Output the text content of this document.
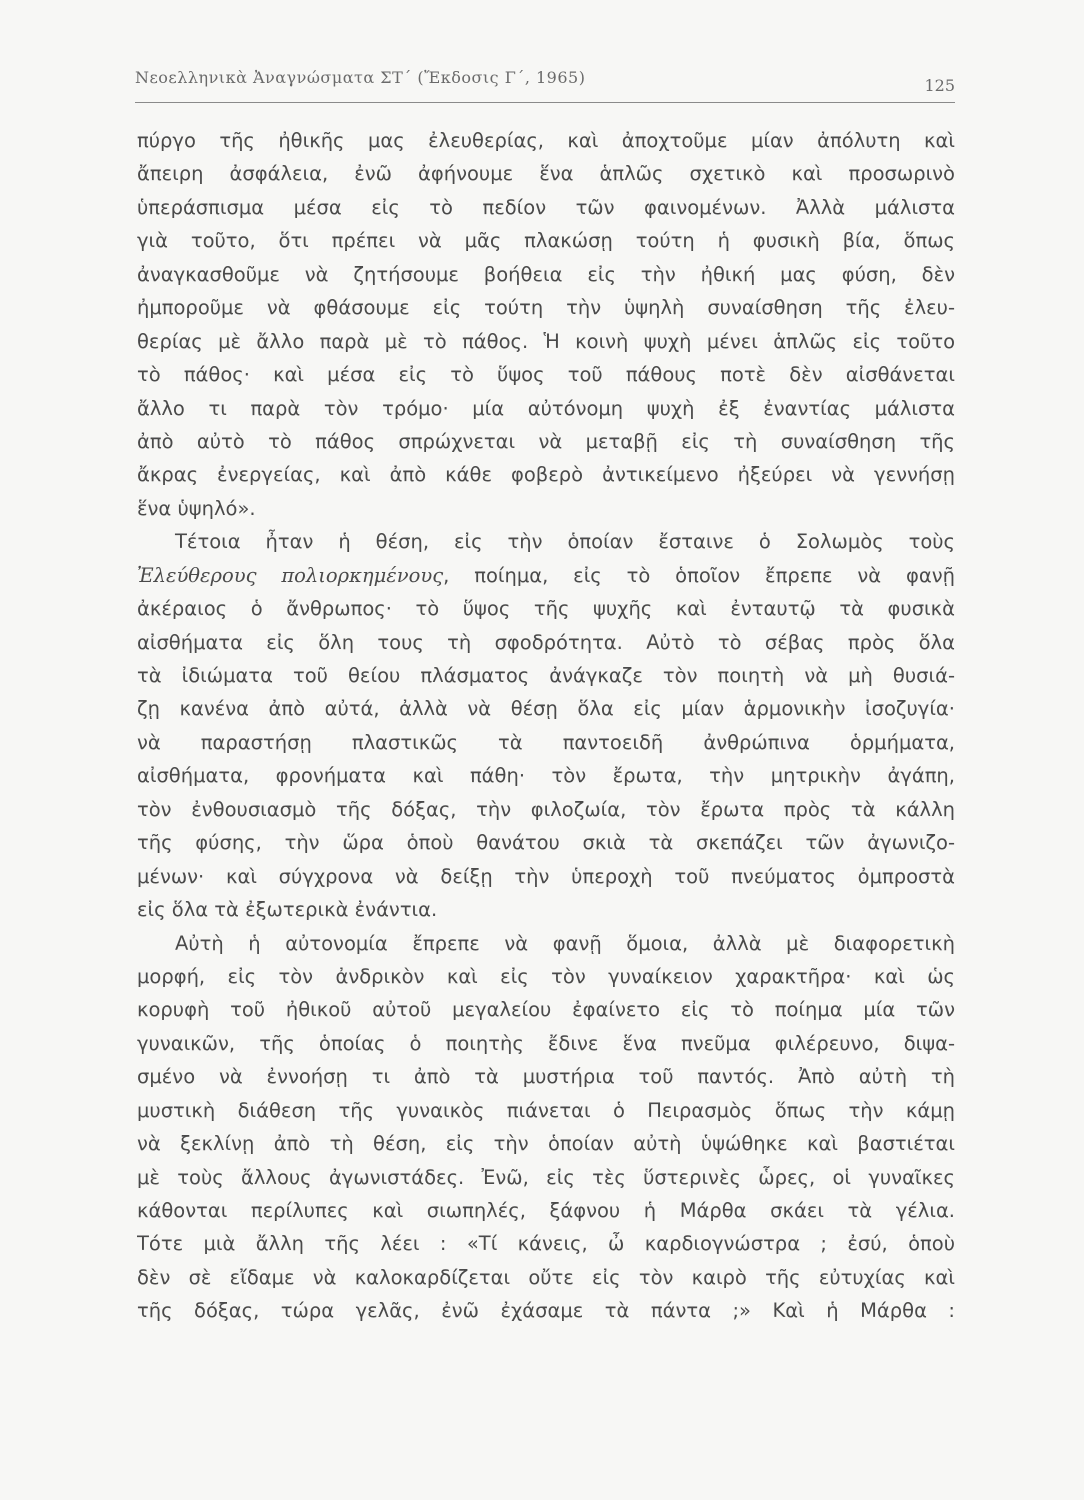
Νεοελληνικὰ Ἀναγνώσματα ΣΤ΄ (Ἔκδοσις Γ΄, 1965)	125
πύργο τῆς ἠθικῆς μας ἐλευθερίας, καὶ ἀποχτοῦμε μίαν ἀπόλυτη καὶ
ἄπειρη ἀσφάλεια, ἐνῶ ἀφήνουμε ἕνα ἁπλῶς σχετικὸ καὶ προσωρινὸ
ὑπεράσπισμα μέσα εἰς τὸ πεδίον τῶν φαινομένων. Ἀλλὰ μάλιστα
γιὰ τοῦτο, ὅτι πρέπει νὰ μᾶς πλακώσῃ τούτη ἡ φυσικὴ βία, ὅπως
ἀναγκασθοῦμε νὰ ζητήσουμε βοήθεια εἰς τὴν ἠθική μας φύση, δὲν
ἠμποροῦμε νὰ φθάσουμε εἰς τούτη τὴν ὑψηλὴ συναίσθηση τῆς ἐλευ-
θερίας μὲ ἄλλο παρὰ μὲ τὸ πάθος. Ἡ κοινὴ ψυχὴ μένει ἁπλῶς εἰς τοῦτο
τὸ πάθος· καὶ μέσα εἰς τὸ ὕψος τοῦ πάθους ποτὲ δὲν αἰσθάνεται
ἄλλο τι παρὰ τὸν τρόμο· μία αὐτόνομη ψυχὴ ἐξ ἐναντίας μάλιστα
ἀπὸ αὐτὸ τὸ πάθος σπρώχνεται νὰ μεταβῇ εἰς τὴ συναίσθηση τῆς
ἄκρας ἐνεργείας, καὶ ἀπὸ κάθε φοβερὸ ἀντικείμενο ἠξεύρει νὰ γεννήσῃ
ἕνα ὑψηλό».
Τέτοια ἦταν ἡ θέση, εἰς τὴν ὁποίαν ἔσταινε ὁ Σολωμὸς τοὺς
Ἐλεύθερους πολιορκημένους, ποίημα, εἰς τὸ ὁποῖον ἔπρεπε νὰ φανῇ
ἀκέραιος ὁ ἄνθρωπος· τὸ ὕψος τῆς ψυχῆς καὶ ἐνταυτῷ τὰ φυσικὰ
αἰσθήματα εἰς ὅλη τους τὴ σφοδρότητα. Αὐτὸ τὸ σέβας πρὸς ὅλα
τὰ ἰδιώματα τοῦ θείου πλάσματος ἀνάγκαζε τὸν ποιητὴ νὰ μὴ θυσιά-
ζῃ κανένα ἀπὸ αὐτά, ἀλλὰ νὰ θέσῃ ὅλα εἰς μίαν ἁρμονικὴν ἰσοζυγία·
νὰ παραστήσῃ πλαστικῶς τὰ παντοειδῆ ἀνθρώπινα ὁρμήματα,
αἰσθήματα, φρονήματα καὶ πάθη· τὸν ἔρωτα, τὴν μητρικὴν ἀγάπη,
τὸν ἐνθουσιασμὸ τῆς δόξας, τὴν φιλοζωία, τὸν ἔρωτα πρὸς τὰ κάλλη
τῆς φύσης, τὴν ὥρα ὁποὺ θανάτου σκιὰ τὰ σκεπάζει τῶν ἀγωνιζο-
μένων· καὶ σύγχρονα νὰ δείξῃ τὴν ὑπεροχὴ τοῦ πνεύματος ὀμπροστὰ
εἰς ὅλα τὰ ἐξωτερικὰ ἐνάντια.
Αὐτὴ ἡ αὐτονομία ἔπρεπε νὰ φανῇ ὅμοια, ἀλλὰ μὲ διαφορετικὴ
μορφή, εἰς τὸν ἀνδρικὸν καὶ εἰς τὸν γυναίκειον χαρακτῆρα· καὶ ὡς
κορυφὴ τοῦ ἠθικοῦ αὐτοῦ μεγαλείου ἐφαίνετο εἰς τὸ ποίημα μία τῶν
γυναικῶν, τῆς ὁποίας ὁ ποιητὴς ἔδινε ἕνα πνεῦμα φιλέρευνο, διψα-
σμένο νὰ ἐννοήσῃ τι ἀπὸ τὰ μυστήρια τοῦ παντός. Ἀπὸ αὐτὴ τὴ
μυστικὴ διάθεση τῆς γυναικὸς πιάνεται ὁ Πειρασμὸς ὅπως τὴν κάμῃ
νὰ ξεκλίνῃ ἀπὸ τὴ θέση, εἰς τὴν ὁποίαν αὐτὴ ὑψώθηκε καὶ βαστιέται
μὲ τοὺς ἄλλους ἀγωνιστάδες. Ἐνῶ, εἰς τὲς ὕστερινὲς ὧρες, οἱ γυναῖκες
κάθονται περίλυπες καὶ σιωπηλές, ξάφνου ἡ Μάρθα σκάει τὰ γέλια.
Τότε μιὰ ἄλλη τῆς λέει : «Τί κάνεις, ὦ καρδιογνώστρα ; ἐσύ, ὁποὺ
δὲν σὲ εἴδαμε νὰ καλοκαρδίζεται οὔτε εἰς τὸν καιρὸ τῆς εὐτυχίας καὶ
τῆς δόξας, τώρα γελᾶς, ἐνῶ ἐχάσαμε τὰ πάντα ;» Καὶ ἡ Μάρθα :
